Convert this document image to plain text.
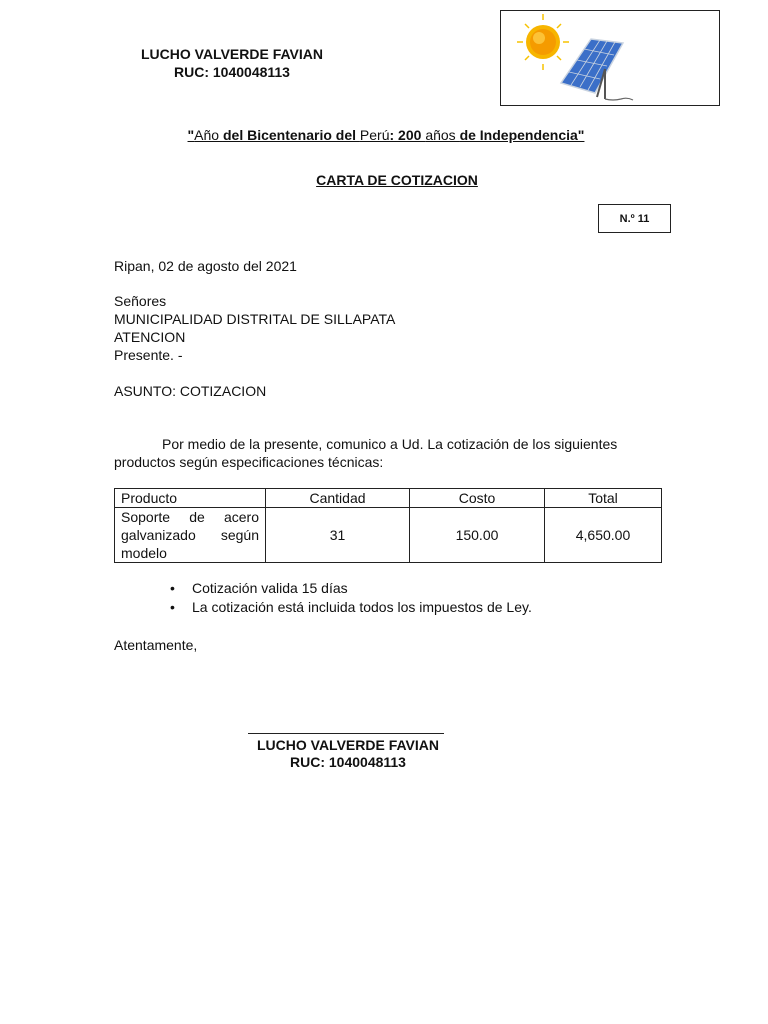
LUCHO VALVERDE FAVIAN
RUC: 1040048113
"Año del Bicentenario del Perú: 200 años de Independencia"
CARTA DE COTIZACION
N.º 11
Ripan, 02 de agosto del 2021
Señores
MUNICIPALIDAD DISTRITAL DE SILLAPATA
ATENCION
Presente. -
ASUNTO: COTIZACION
Por medio de la presente, comunico a Ud. La cotización de los siguientes productos según especificaciones técnicas:
Producto	Cantidad	Costo	Total
Soporte de acero galvanizado según modelo	31	150.00	4,650.00
• Cotización valida 15 días
• La cotización está incluida todos los impuestos de Ley.
Atentamente,
LUCHO VALVERDE FAVIAN
RUC: 1040048113
